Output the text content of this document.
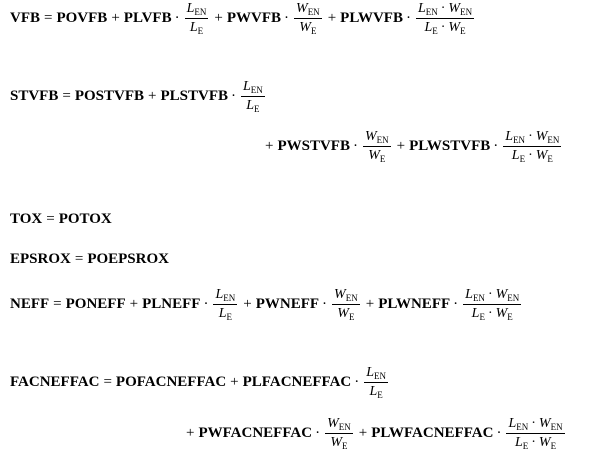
VFB = POVFB + PLVFB · $\frac{L_{EN}}{L_E}$ + PWVFB · $\frac{W_{EN}}{W_E}$ + PLWVFB · $\frac{L_{EN} \cdot W_{EN}}{L_E \cdot W_E}$
STVFB = POSTVFB + PLSTVFB · $\frac{L_{EN}}{L_E}$
+ PWSTVFB · $\frac{W_{EN}}{W_E}$ + PLWSTVFB · $\frac{L_{EN} \cdot W_{EN}}{L_E \cdot W_E}$
TOX = POTOX
EPSROX = POEPSROX
NEFF = PONEFF + PLNEFF · $\frac{L_{EN}}{L_E}$ + PWNEFF · $\frac{W_{EN}}{W_E}$ + PLWNEFF · $\frac{L_{EN} \cdot W_{EN}}{L_E \cdot W_E}$
FACNEFFAC = POFACNEFFAC + PLFACNEFFAC · $\frac{L_{EN}}{L_E}$
+ PWFACNEFFAC · $\frac{W_{EN}}{W_E}$ + PLWFACNEFFAC · $\frac{L_{EN} \cdot W_{EN}}{L_E \cdot W_E}$
